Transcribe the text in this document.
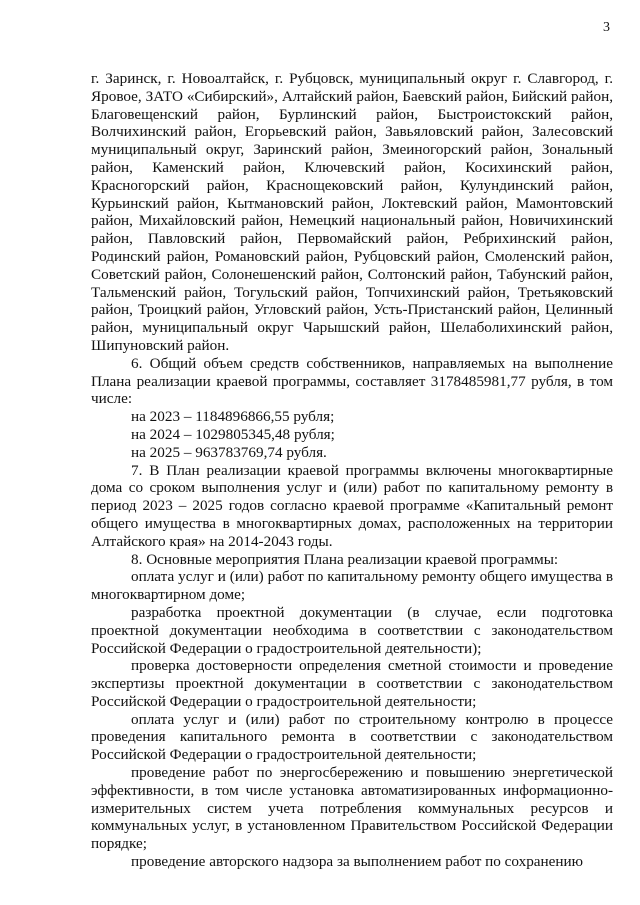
3

г. Заринск, г. Новоалтайск, г. Рубцовск, муниципальный округ г. Славгород, г. Яровое, ЗАТО «Сибирский», Алтайский район, Баевский район, Бийский район, Благовещенский район, Бурлинский район, Быстроистокский район, Волчихинский район, Егорьевский район, Завьяловский район, Залесовский муниципальный округ, Заринский район, Змеиногорский район, Зональный район, Каменский район, Ключевский район, Косихинский район, Красногорский район, Краснощековский район, Кулундинский район, Курьинский район, Кытмановский район, Локтевский район, Мамонтовский район, Михайловский район, Немецкий национальный район, Новичихинский район, Павловский район, Первомайский район, Ребрихинский район, Родинский район, Романовский район, Рубцовский район, Смоленский район, Советский район, Солонешенский район, Солтонский район, Табунский район, Тальменский район, Тогульский район, Топчихинский район, Третьяковский район, Троицкий район, Угловский район, Усть-Пристанский район, Целинный район, муниципальный округ Чарышский район, Шелаболихинский район, Шипуновский район.

6. Общий объем средств собственников, направляемых на выполнение Плана реализации краевой программы, составляет 3178485981,77 рубля, в том числе:

на 2023 – 1184896866,55 рубля;

на 2024 – 1029805345,48 рубля;

на 2025 – 963783769,74 рубля.

7. В План реализации краевой программы включены многоквартирные дома со сроком выполнения услуг и (или) работ по капитальному ремонту в период 2023 – 2025 годов согласно краевой программе «Капитальный ремонт общего имущества в многоквартирных домах, расположенных на территории Алтайского края» на 2014-2043 годы.

8. Основные мероприятия Плана реализации краевой программы:

оплата услуг и (или) работ по капитальному ремонту общего имущества в многоквартирном доме;

разработка проектной документации (в случае, если подготовка проектной документации необходима в соответствии с законодательством Российской Федерации о градостроительной деятельности);

проверка достоверности определения сметной стоимости и проведение экспертизы проектной документации в соответствии с законодательством Российской Федерации о градостроительной деятельности;

оплата услуг и (или) работ по строительному контролю в процессе проведения капитального ремонта в соответствии с законодательством Российской Федерации о градостроительной деятельности;

проведение работ по энергосбережению и повышению энергетической эффективности, в том числе установка автоматизированных информационно-измерительных систем учета потребления коммунальных ресурсов и коммунальных услуг, в установленном Правительством Российской Федерации порядке;

проведение авторского надзора за выполнением работ по сохранению
